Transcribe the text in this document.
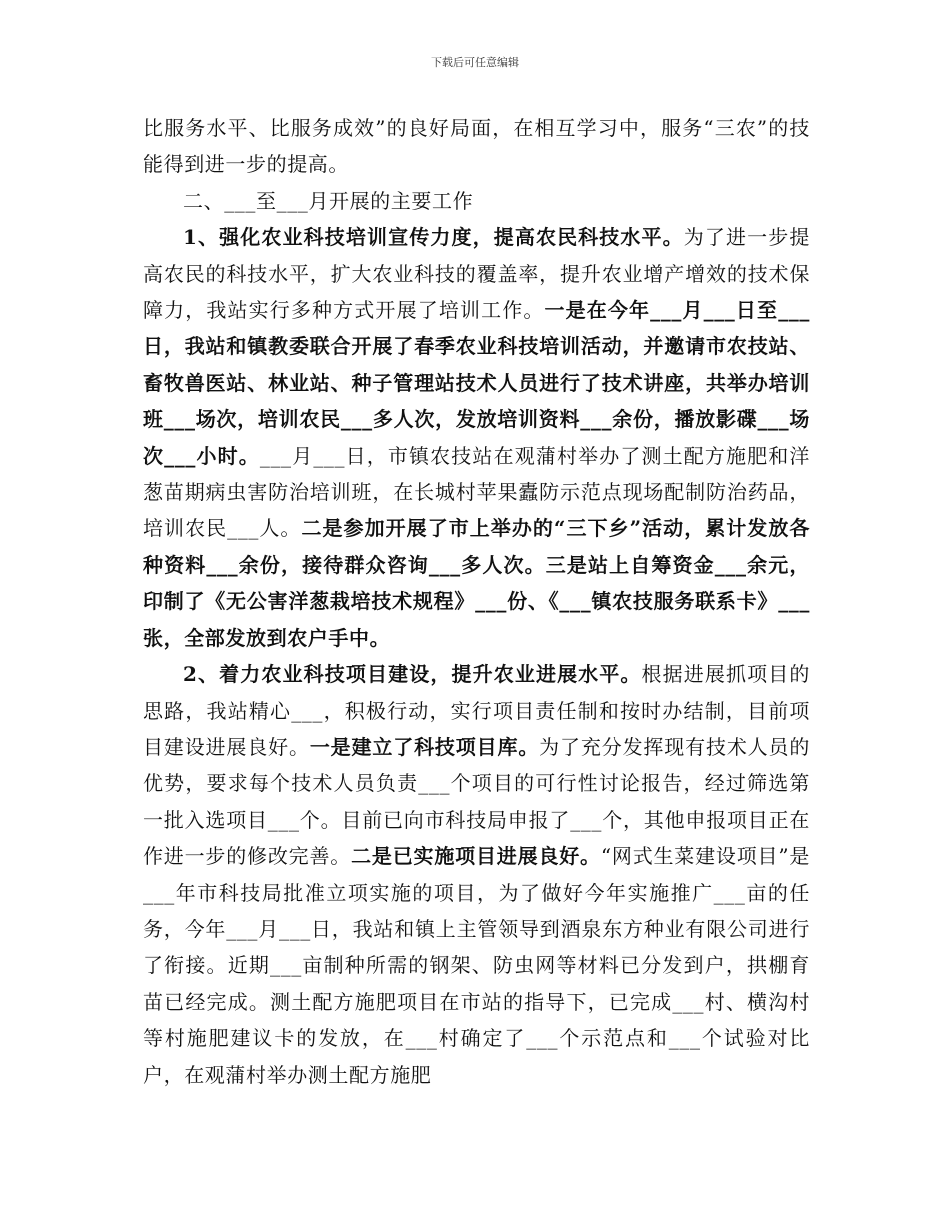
下载后可任意编辑

比服务水平、比服务成效”的良好局面，在相互学习中，服务“三农”的技能得到进一步的提高。

二、___至___月开展的主要工作

1、强化农业科技培训宣传力度，提高农民科技水平。为了进一步提高农民的科技水平，扩大农业科技的覆盖率，提升农业增产增效的技术保障力，我站实行多种方式开展了培训工作。一是在今年___月___日至___日，我站和镇教委联合开展了春季农业科技培训活动，并邀请市农技站、畜牧兽医站、林业站、种子管理站技术人员进行了技术讲座，共举办培训班___场次，培训农民___多人次，发放培训资料___余份，播放影碟___场次___小时。___月___日，市镇农技站在观蒲村举办了测土配方施肥和洋葱苗期病虫害防治培训班，在长城村苹果蠹防示范点现场配制防治药品，培训农民___人。二是参加开展了市上举办的“三下乡”活动，累计发放各种资料___余份，接待群众咨询___多人次。三是站上自筹资金___余元，印制了《无公害洋葱栽培技术规程》___份、《___镇农技服务联系卡》___张，全部发放到农户手中。

2、着力农业科技项目建设，提升农业进展水平。根据进展抓项目的思路，我站精心___，积极行动，实行项目责任制和按时办结制，目前项目建设进展良好。一是建立了科技项目库。为了充分发挥现有技术人员的优势，要求每个技术人员负责___个项目的可行性讨论报告，经过筛选第一批入选项目___个。目前已向市科技局申报了___个，其他申报项目正在作进一步的修改完善。二是已实施项目进展良好。“网式生菜建设项目”是___年市科技局批准立项实施的项目，为了做好今年实施推广___亩的任务，今年___月___日，我站和镇上主管领导到酒泉东方种业有限公司进行了衔接。近期___亩制种所需的钢架、防虫网等材料已分发到户，拱棚育苗已经完成。测土配方施肥项目在市站的指导下，已完成___村、横沟村等村施肥建议卡的发放，在___村确定了___个示范点和___个试验对比户，在观蒲村举办测土配方施肥
